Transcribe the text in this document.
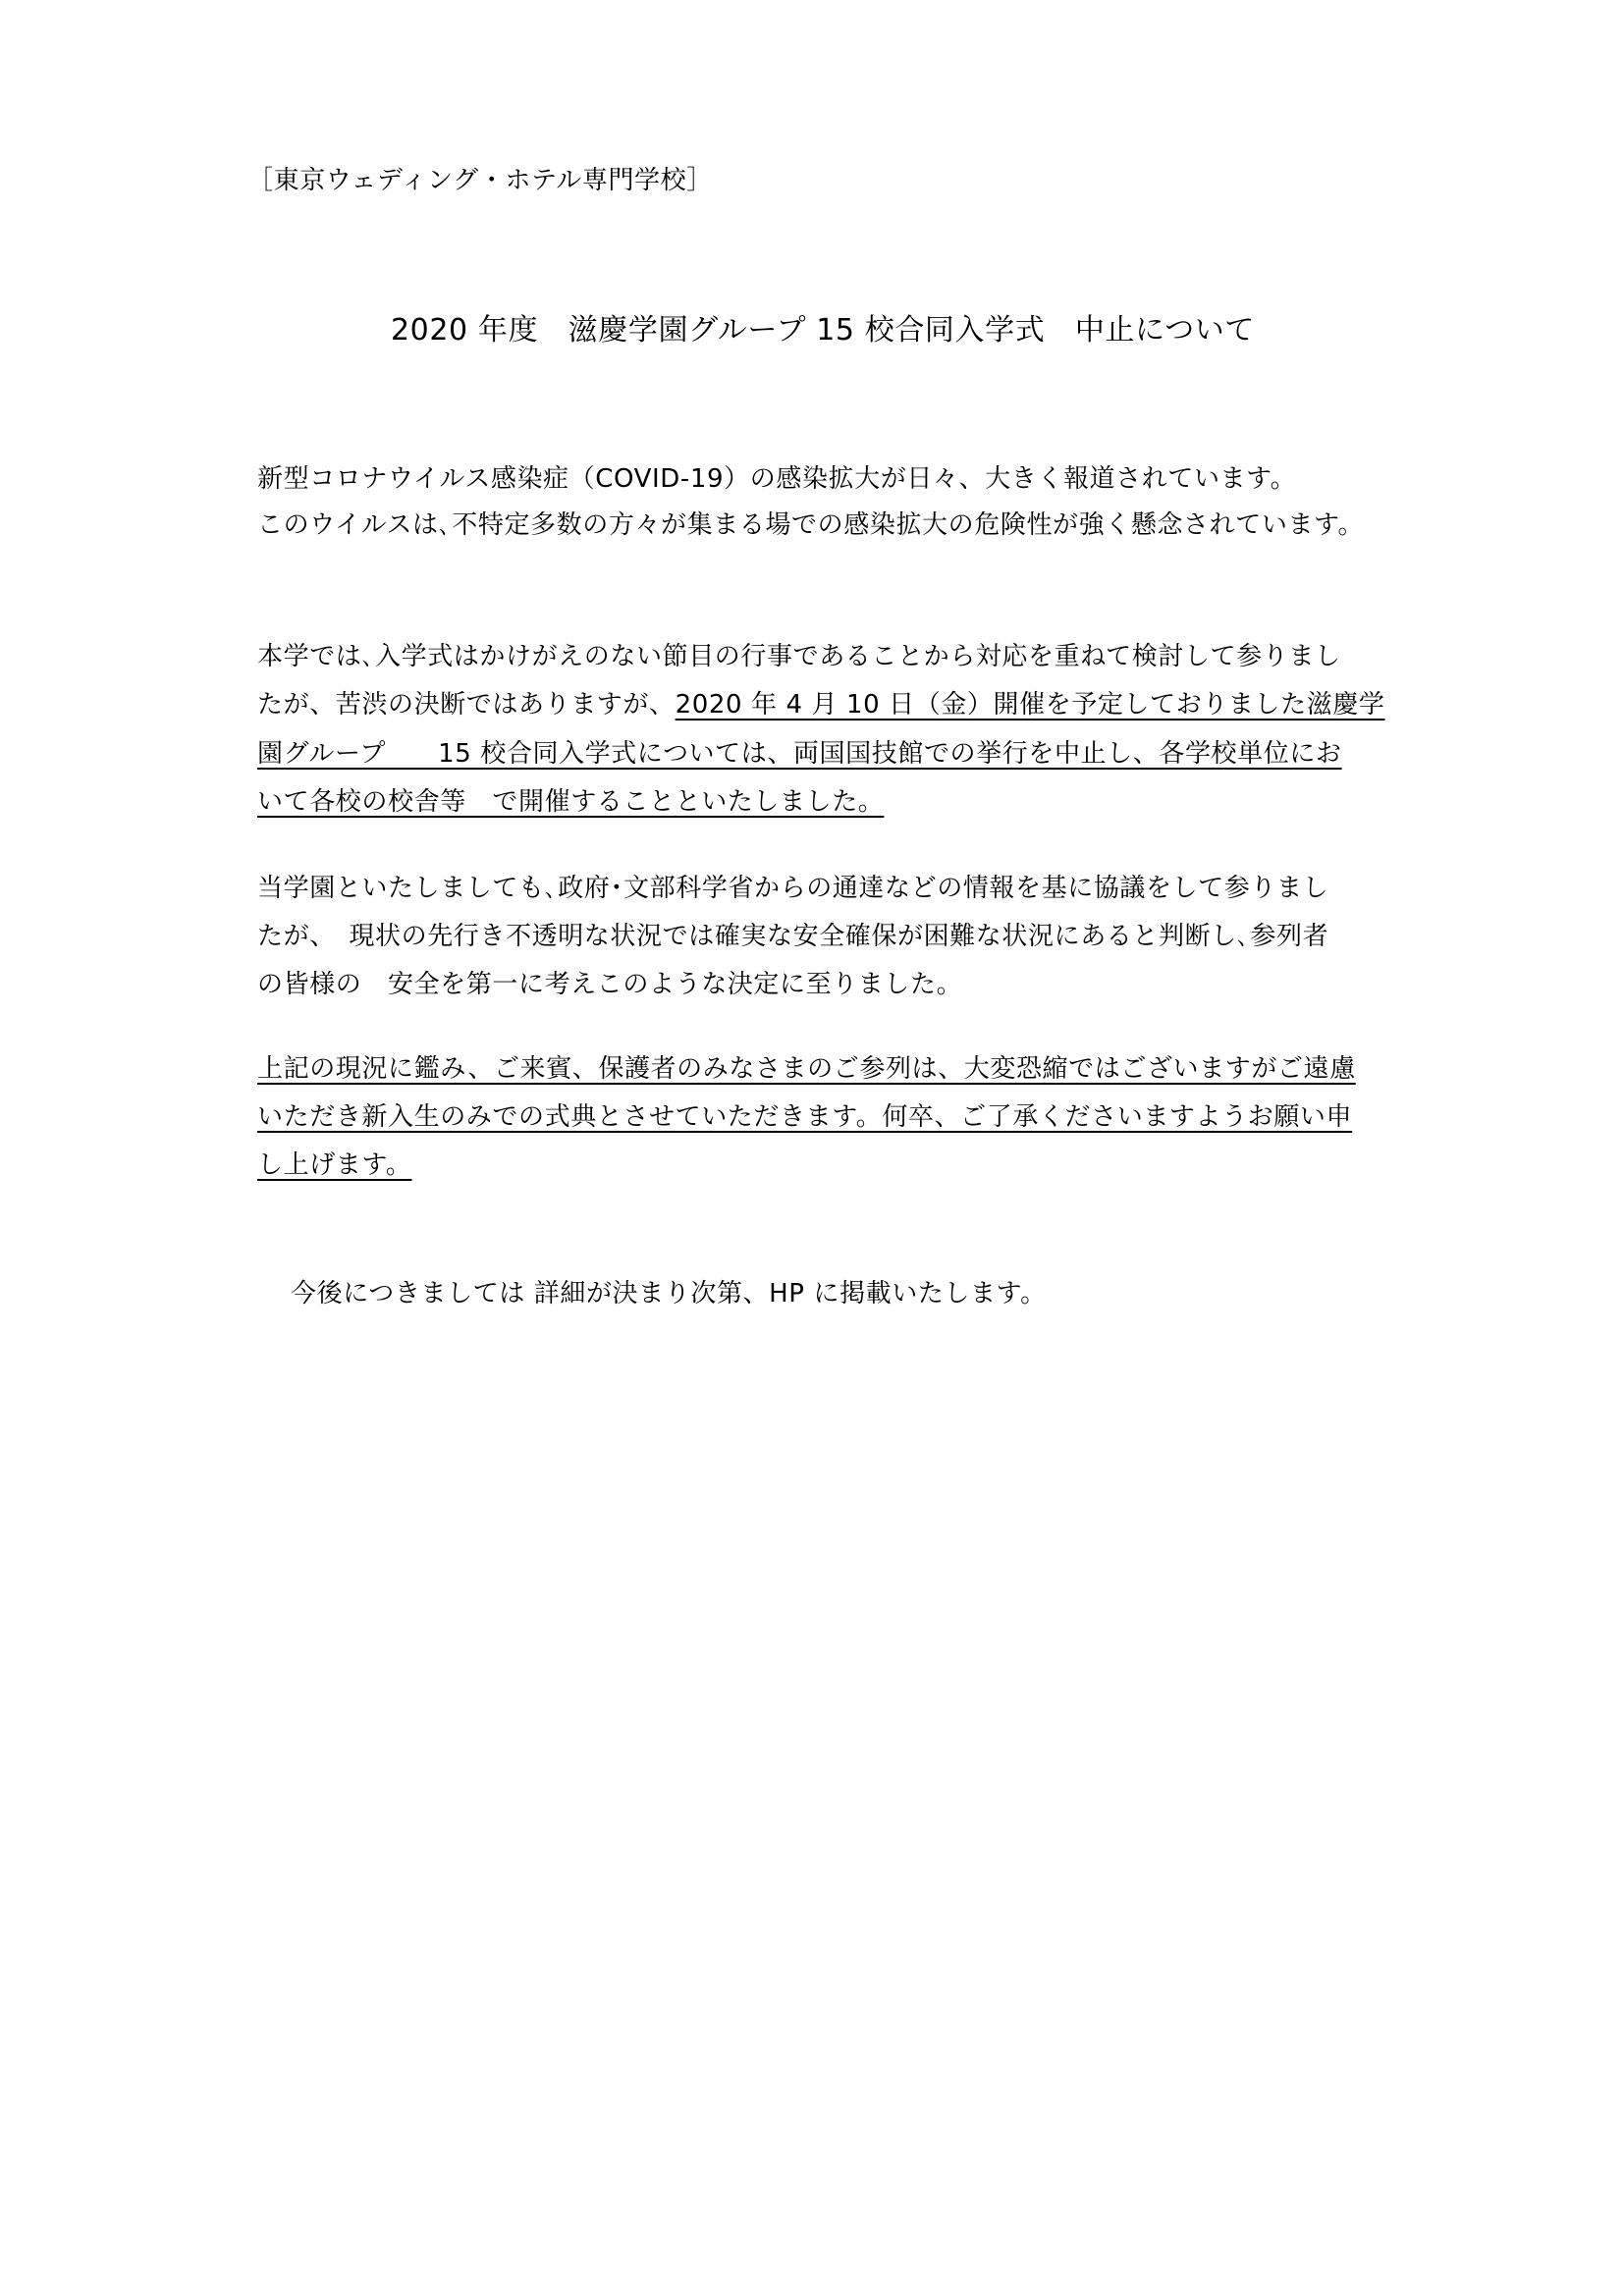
［東京ウェディング・ホテル専門学校］
2020 年度　滋慶学園グループ 15 校合同入学式　中止について
新型コロナウイルス感染症（COVID-19）の感染拡大が日々、大きく報道されています。
このウイルスは､不特定多数の方々が集まる場での感染拡大の危険性が強く懸念されています。
本学では､入学式はかけがえのない節目の行事であることから対応を重ねて検討して参りまし
たが、苦渋の決断ではありますが、2020 年 4 月 10 日（金）開催を予定しておりました滋慶学
園グループ　　15 校合同入学式については、両国国技館での挙行を中止し、各学校単位にお
いて各校の校舎等　で開催することといたしました。
当学園といたしましても､政府･文部科学省からの通達などの情報を基に協議をして参りまし
たが、　現状の先行き不透明な状況では確実な安全確保が困難な状況にあると判断し､参列者
の皆様の　安全を第一に考えこのような決定に至りました。
上記の現況に鑑み、ご来賓、保護者のみなさまのご参列は、大変恐縮ではございますがご遠慮
いただき新入生のみでの式典とさせていただきます。何卒、ご了承くださいますようお願い申
し上げます。
今後につきましては 詳細が決まり次第、HP に掲載いたします。
